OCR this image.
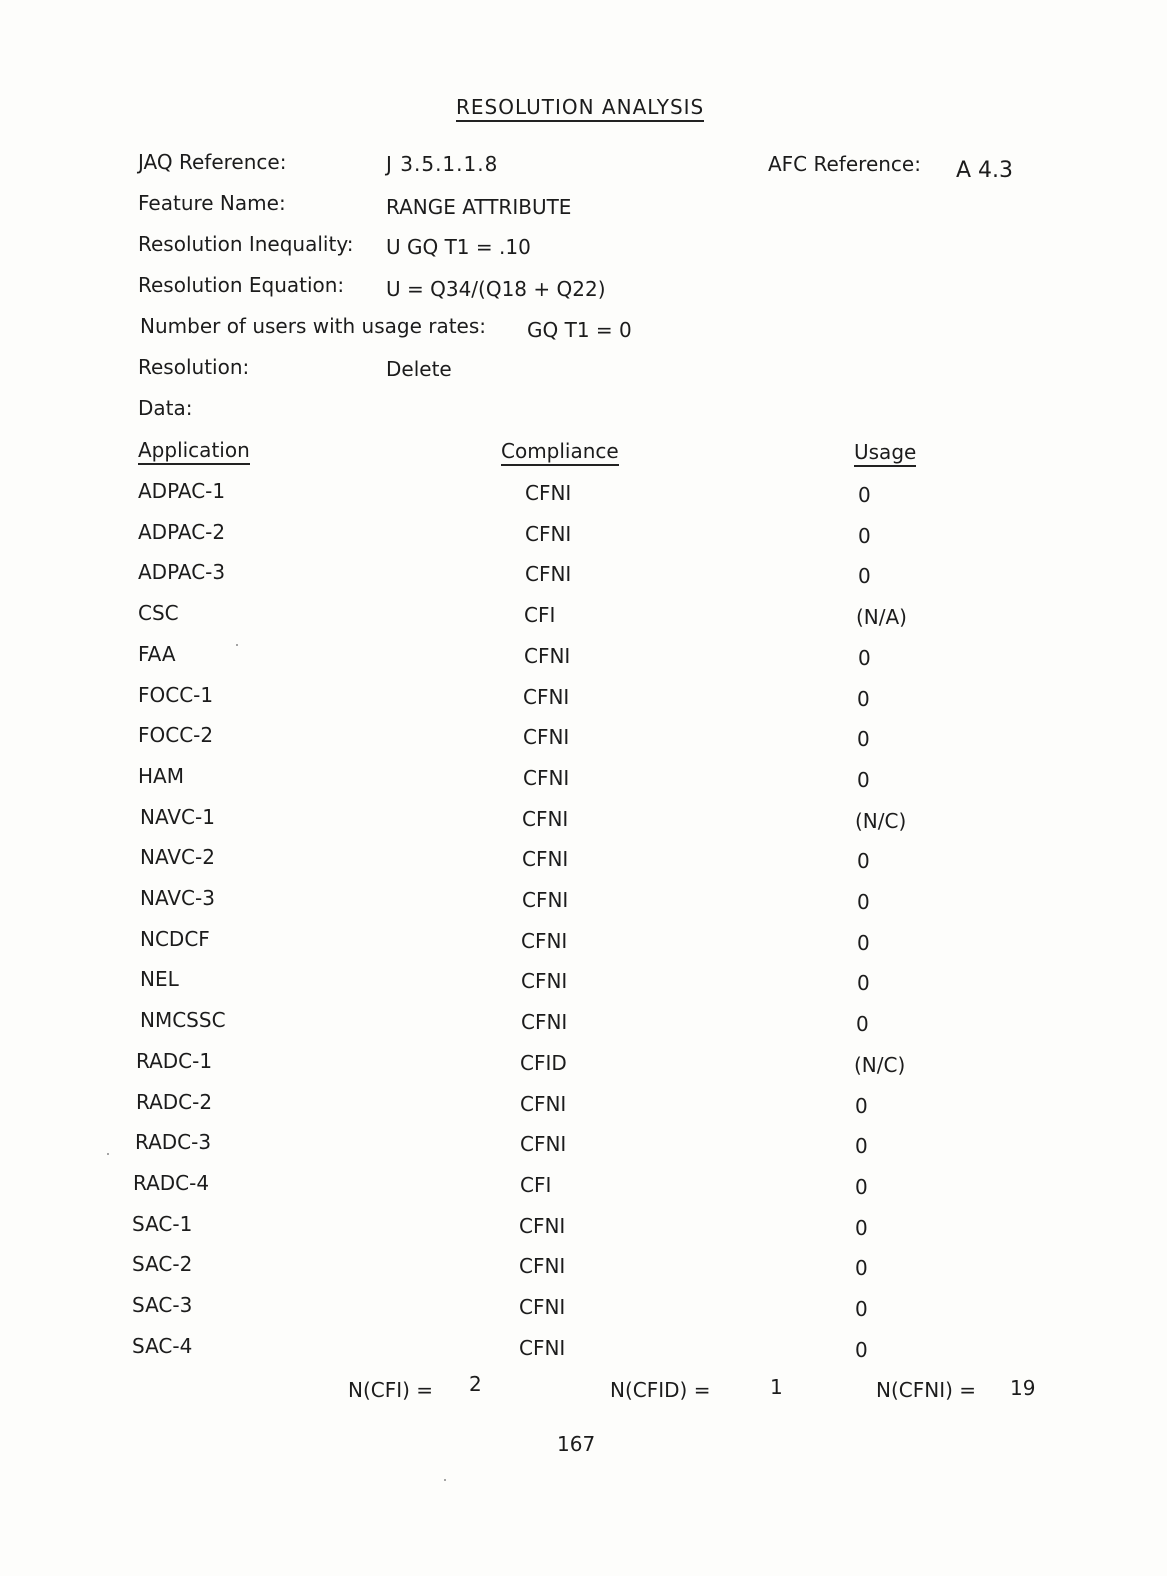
RESOLUTION ANALYSIS
JAQ Reference:	J 3.5.1.1.8	AFC Reference: A 4.3
Feature Name:	RANGE ATTRIBUTE
Resolution Inequality: U GQ T1 = .10
Resolution Equation: U = Q34/(Q18 + Q22)
Number of users with usage rates: GQ T1 = 0
Resolution:	Delete
Data:
Application	Compliance	Usage
ADPAC-1	CFNI	0
ADPAC-2	CFNI	0
ADPAC-3	CFNI	0
CSC	CFI	(N/A)
FAA	CFNI	0
FOCC-1	CFNI	0
FOCC-2	CFNI	0
HAM	CFNI	0
NAVC-1	CFNI	(N/C)
NAVC-2	CFNI	0
NAVC-3	CFNI	0
NCDCF	CFNI	0
NEL	CFNI	0
NMCSSC	CFNI	0
RADC-1	CFID	(N/C)
RADC-2	CFNI	0
RADC-3	CFNI	0
RADC-4	CFI	0
SAC-1	CFNI	0
SAC-2	CFNI	0
SAC-3	CFNI	0
SAC-4	CFNI	0
N(CFI) = 2	N(CFID) =	1	N(CFNI) = 19
167
